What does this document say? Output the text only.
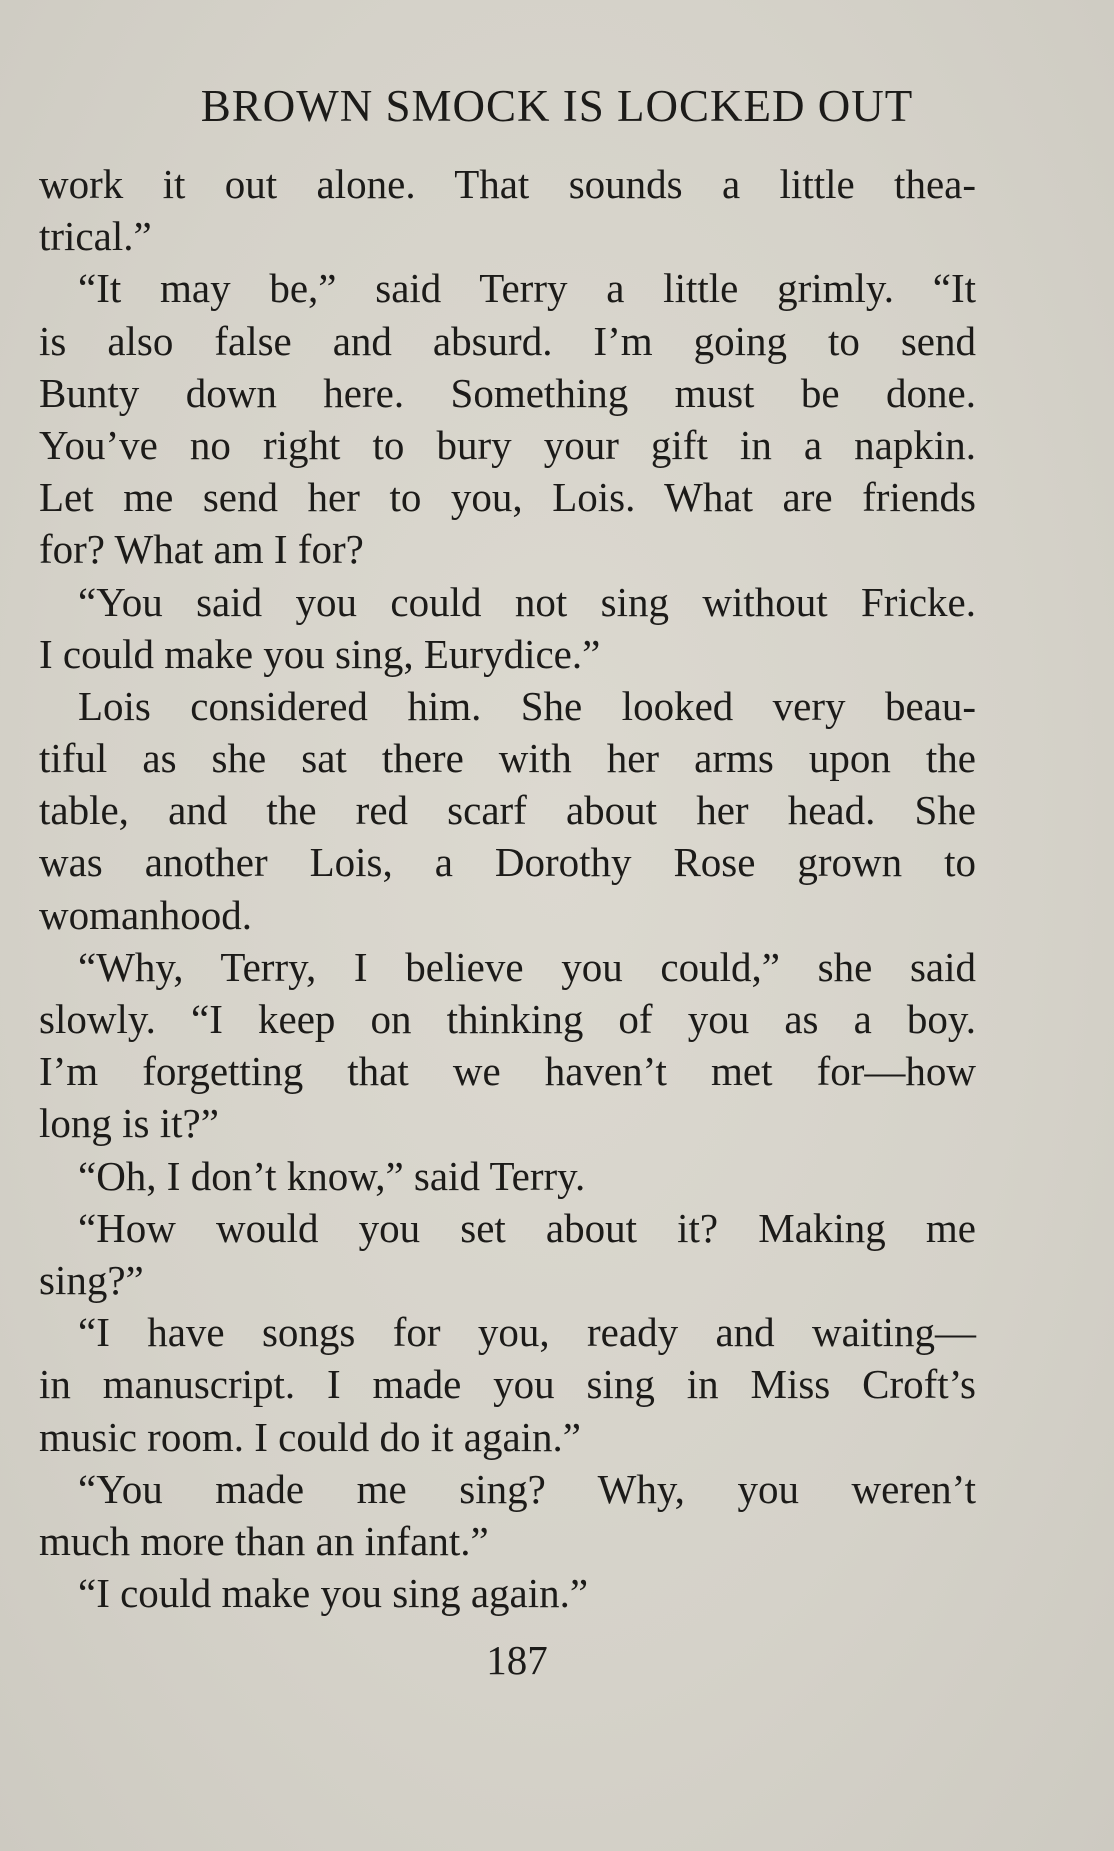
BROWN SMOCK IS LOCKED OUT
work it out alone. That sounds a little thea-
trical.”
“It may be,” said Terry a little grimly. “It
is also false and absurd. I’m going to send
Bunty down here. Something must be done.
You’ve no right to bury your gift in a napkin.
Let me send her to you, Lois. What are friends
for? What am I for?
“You said you could not sing without Fricke.
I could make you sing, Eurydice.”
Lois considered him. She looked very beau-
tiful as she sat there with her arms upon the
table, and the red scarf about her head. She
was another Lois, a Dorothy Rose grown to
womanhood.
“Why, Terry, I believe you could,” she said
slowly. “I keep on thinking of you as a boy.
I’m forgetting that we haven’t met for—how
long is it?”
“Oh, I don’t know,” said Terry.
“How would you set about it? Making me
sing?”
“I have songs for you, ready and waiting—
in manuscript. I made you sing in Miss Croft’s
music room. I could do it again.”
“You made me sing? Why, you weren’t
much more than an infant.”
“I could make you sing again.”
187
